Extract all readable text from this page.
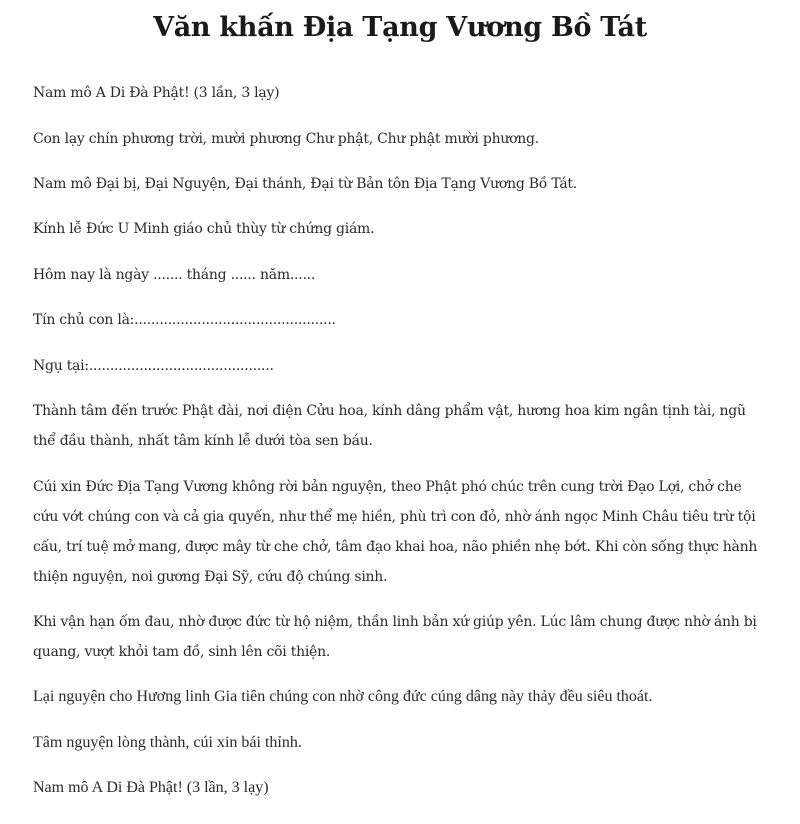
Văn khấn Địa Tạng Vương Bồ Tát

Nam mô A Di Đà Phật! (3 lần, 3 lạy)

Con lạy chín phương trời, mười phương Chư phật, Chư phật mười phương.

Nam mô Đại bị, Đại Nguyện, Đại thánh, Đại từ Bản tôn Địa Tạng Vương Bồ Tát.

Kính lễ Đức U Minh giáo chủ thùy từ chứng giám.

Hôm nay là ngày ....... tháng ...... năm......

Tín chủ con là:................................................

Ngụ tại:............................................

Thành tâm đến trước Phật đài, nơi điện Cửu hoa, kính dâng phẩm vật, hương hoa kim ngân tịnh tài, ngũ thể đầu thành, nhất tâm kính lễ dưới tòa sen báu.

Cúi xin Đức Địa Tạng Vương không rời bản nguyện, theo Phật phó chúc trên cung trời Đạo Lợi, chở che cứu vớt chúng con và cả gia quyến, như thể mẹ hiền, phù trì con đỏ, nhờ ánh ngọc Minh Châu tiêu trừ tội cấu, trí tuệ mở mang, được mây từ che chở, tâm đạo khai hoa, não phiền nhẹ bớt. Khi còn sống thực hành thiện nguyện, noi gương Đại Sỹ, cứu độ chúng sinh.

Khi vận hạn ốm đau, nhờ được đức từ hộ niệm, thần linh bản xứ giúp yên. Lúc lâm chung được nhờ ánh bị quang, vượt khỏi tam đồ, sinh lên cõi thiện.

Lại nguyện cho Hương linh Gia tiên chúng con nhờ công đức cúng dâng này thảy đều siêu thoát.

Tâm nguyện lòng thành, cúi xin bái thỉnh.

Nam mô A Di Đà Phật! (3 lần, 3 lạy)
